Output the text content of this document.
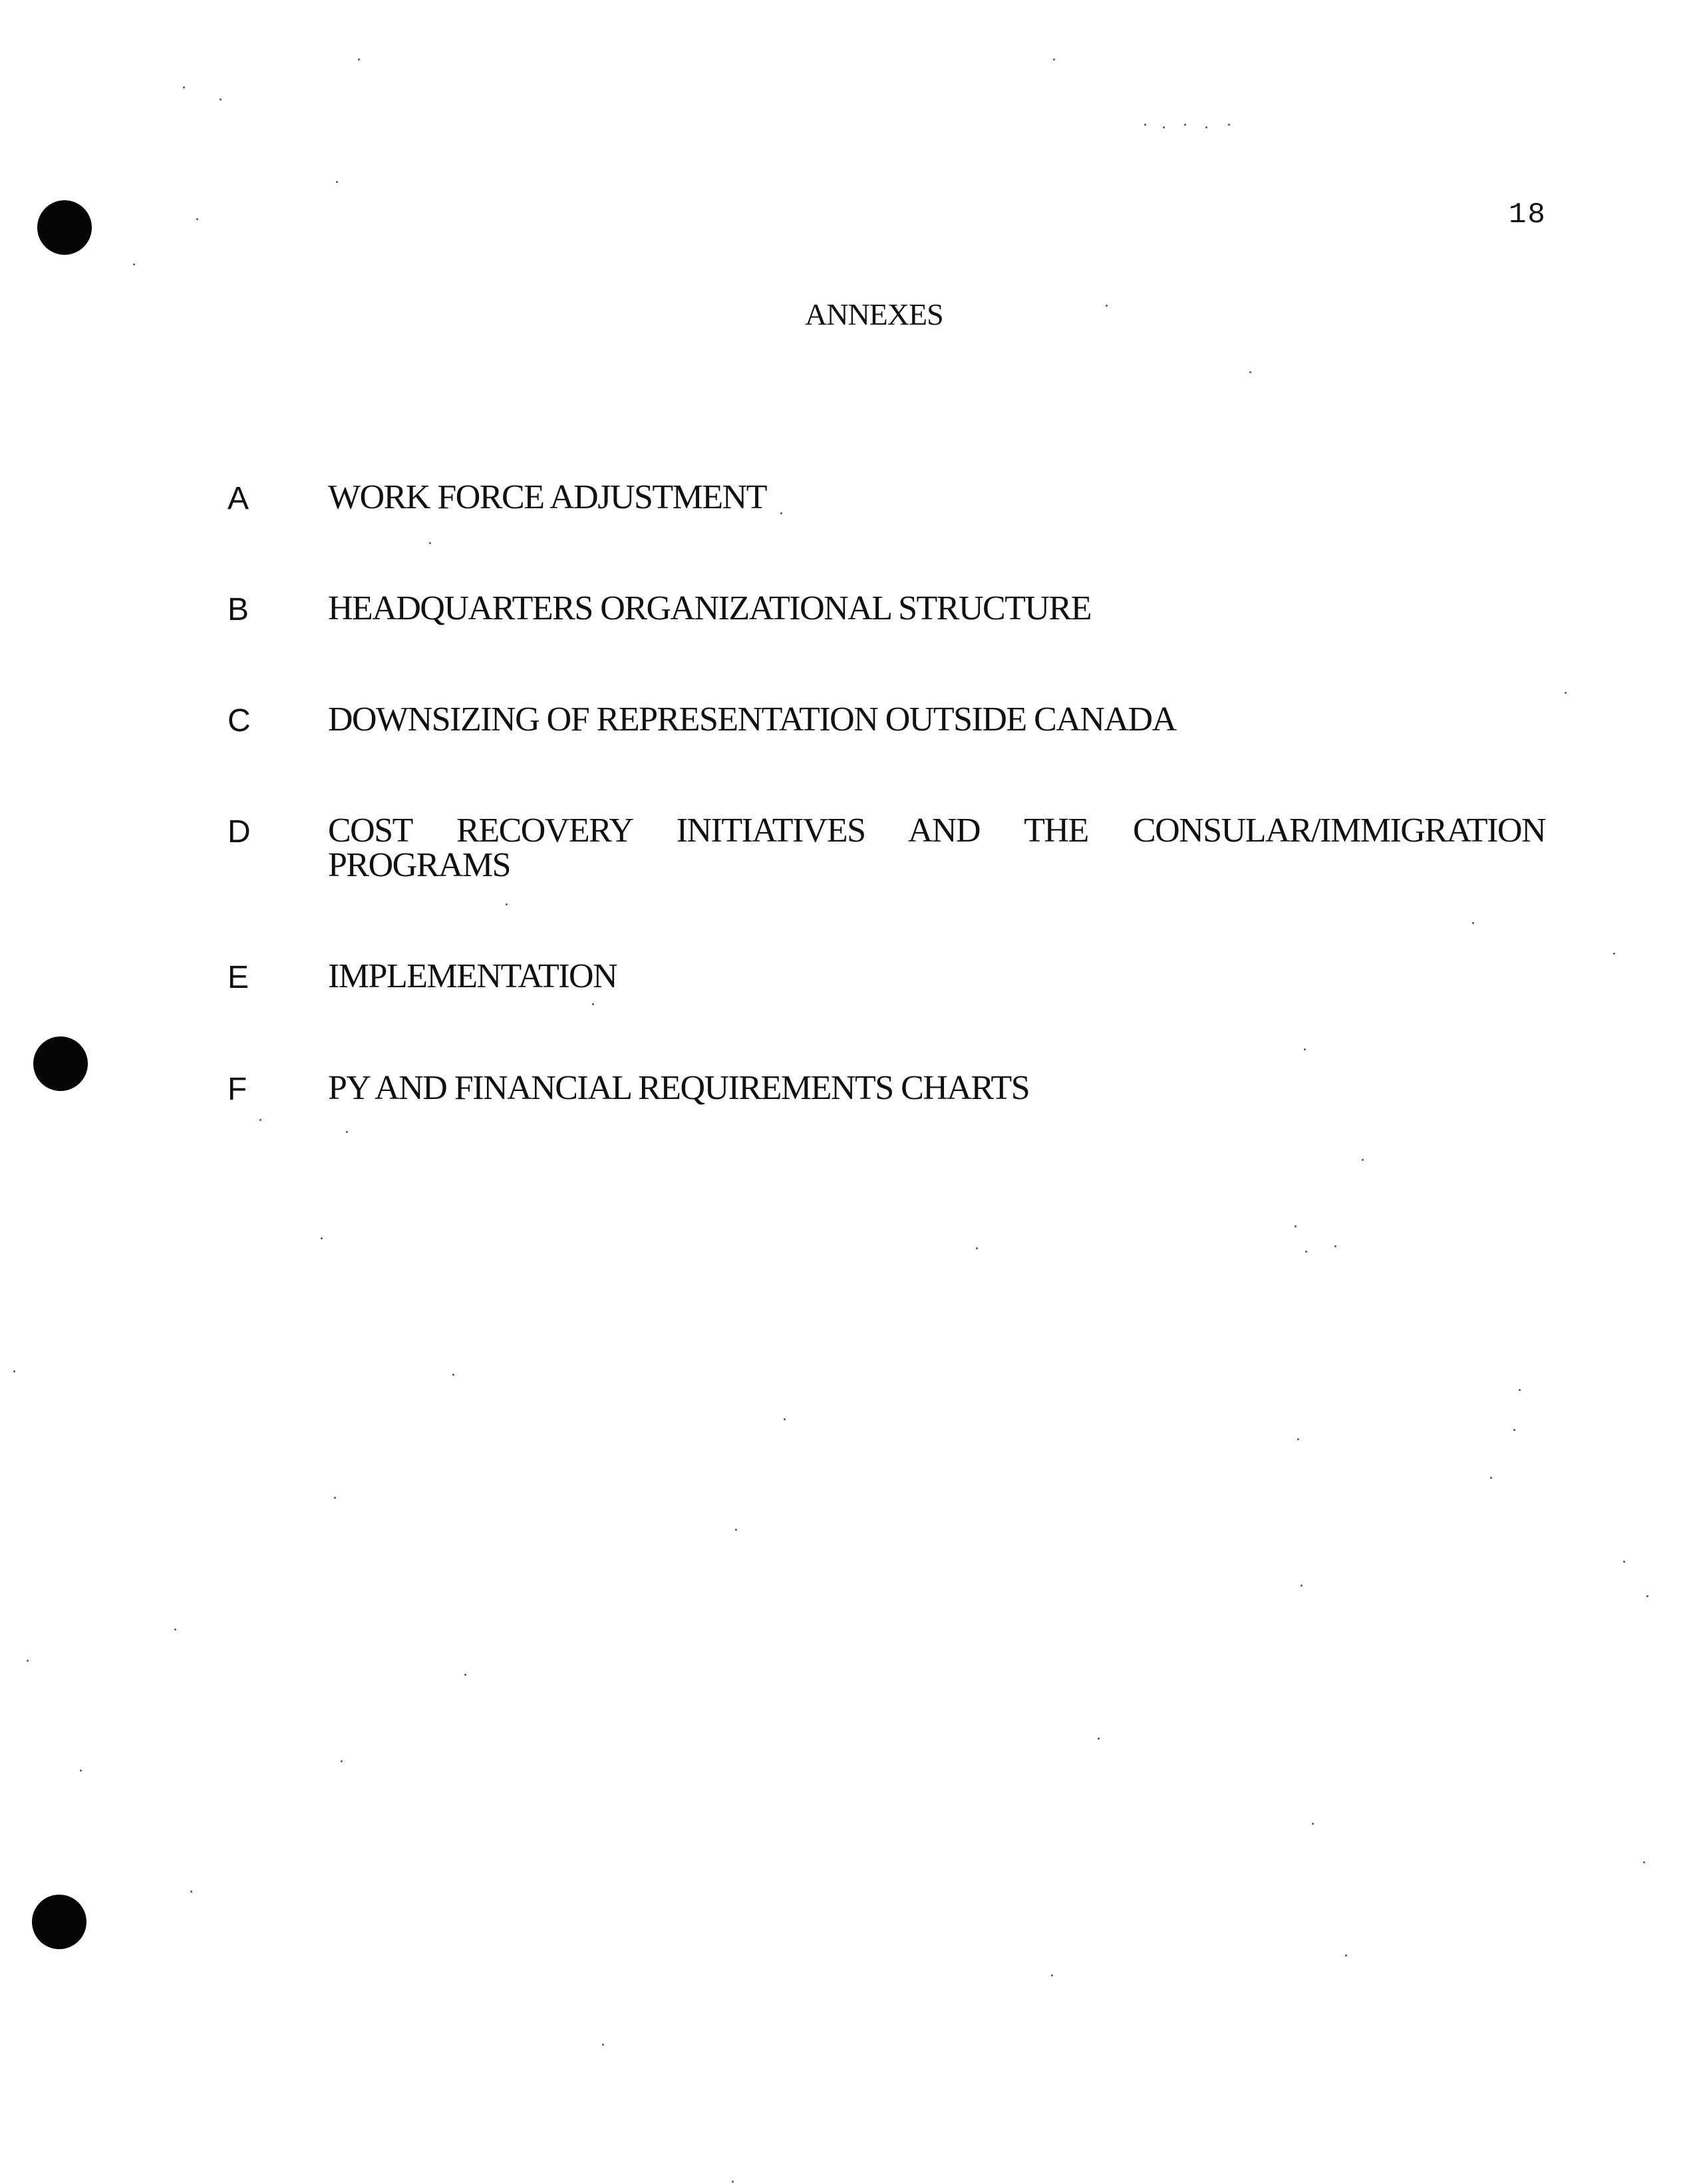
18
ANNEXES
A WORK FORCE ADJUSTMENT
B HEADQUARTERS ORGANIZATIONAL STRUCTURE
C DOWNSIZING OF REPRESENTATION OUTSIDE CANADA
D COST RECOVERY INITIATIVES AND THE CONSULAR/IMMIGRATION PROGRAMS
E IMPLEMENTATION
F PY AND FINANCIAL REQUIREMENTS CHARTS
